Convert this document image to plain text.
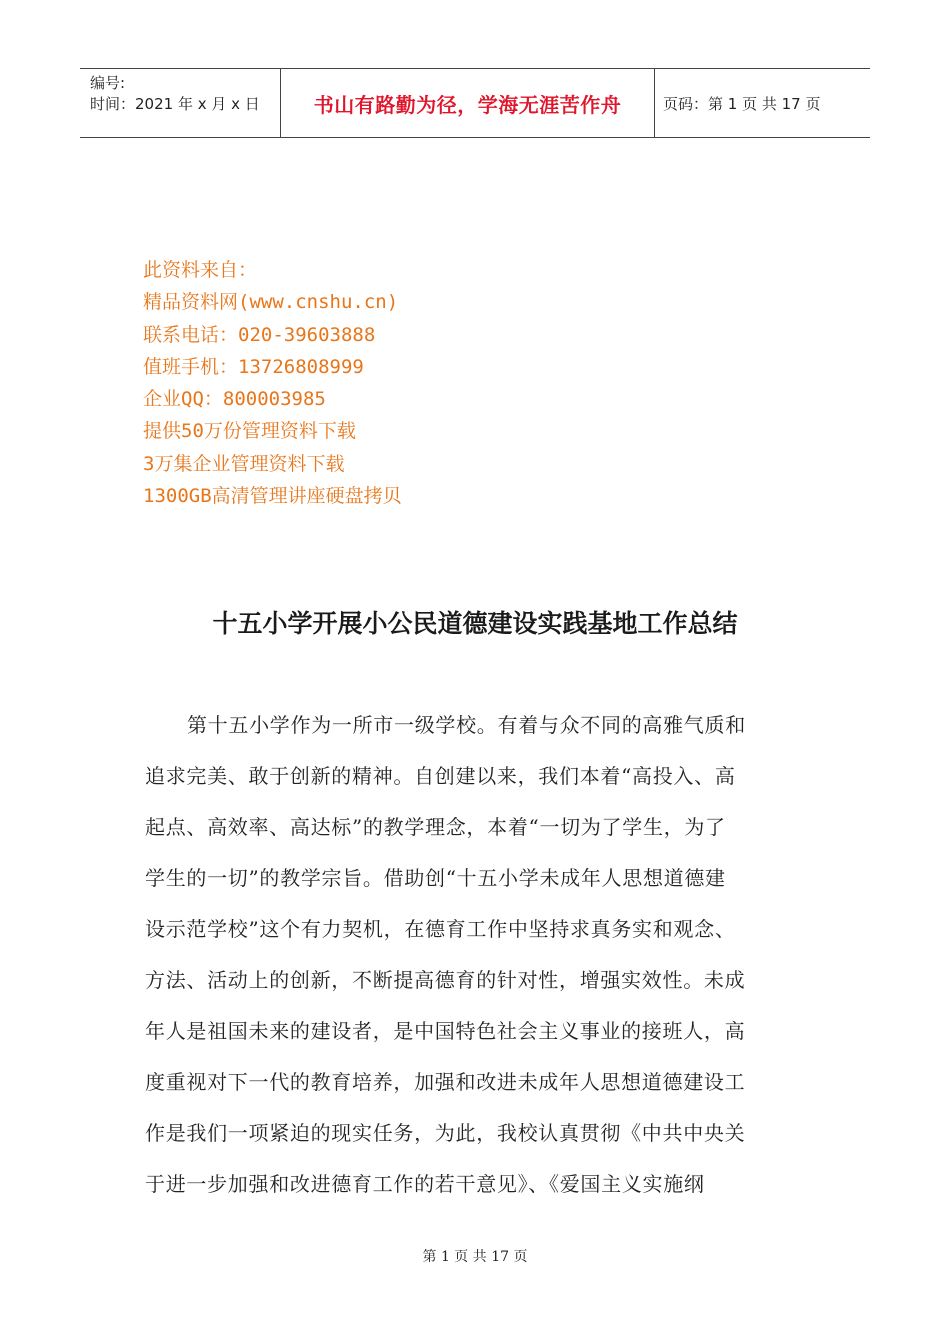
编号:
时间：2021 年 x 月 x 日	书山有路勤为径，学海无涯苦作舟	页码：第 1 页 共 17 页
此资料来自：
精品资料网(www.cnshu.cn)
联系电话：020-39603888
值班手机：13726808999
企业QQ：800003985
提供50万份管理资料下载
3万集企业管理资料下载
1300GB高清管理讲座硬盘拷贝
十五小学开展小公民道德建设实践基地工作总结
第十五小学作为一所市一级学校。有着与众不同的高雅气质和
追求完美、敢于创新的精神。自创建以来，我们本着“高投入、高
起点、高效率、高达标”的教学理念，本着“一切为了学生，为了
学生的一切”的教学宗旨。借助创“十五小学未成年人思想道德建
设示范学校”这个有力契机，在德育工作中坚持求真务实和观念、
方法、活动上的创新，不断提高德育的针对性，增强实效性。未成
年人是祖国未来的建设者，是中国特色社会主义事业的接班人，高
度重视对下一代的教育培养，加强和改进未成年人思想道德建设工
作是我们一项紧迫的现实任务，为此，我校认真贯彻《中共中央关
于进一步加强和改进德育工作的若干意见》、《爱国主义实施纲
第 1 页 共 17 页
